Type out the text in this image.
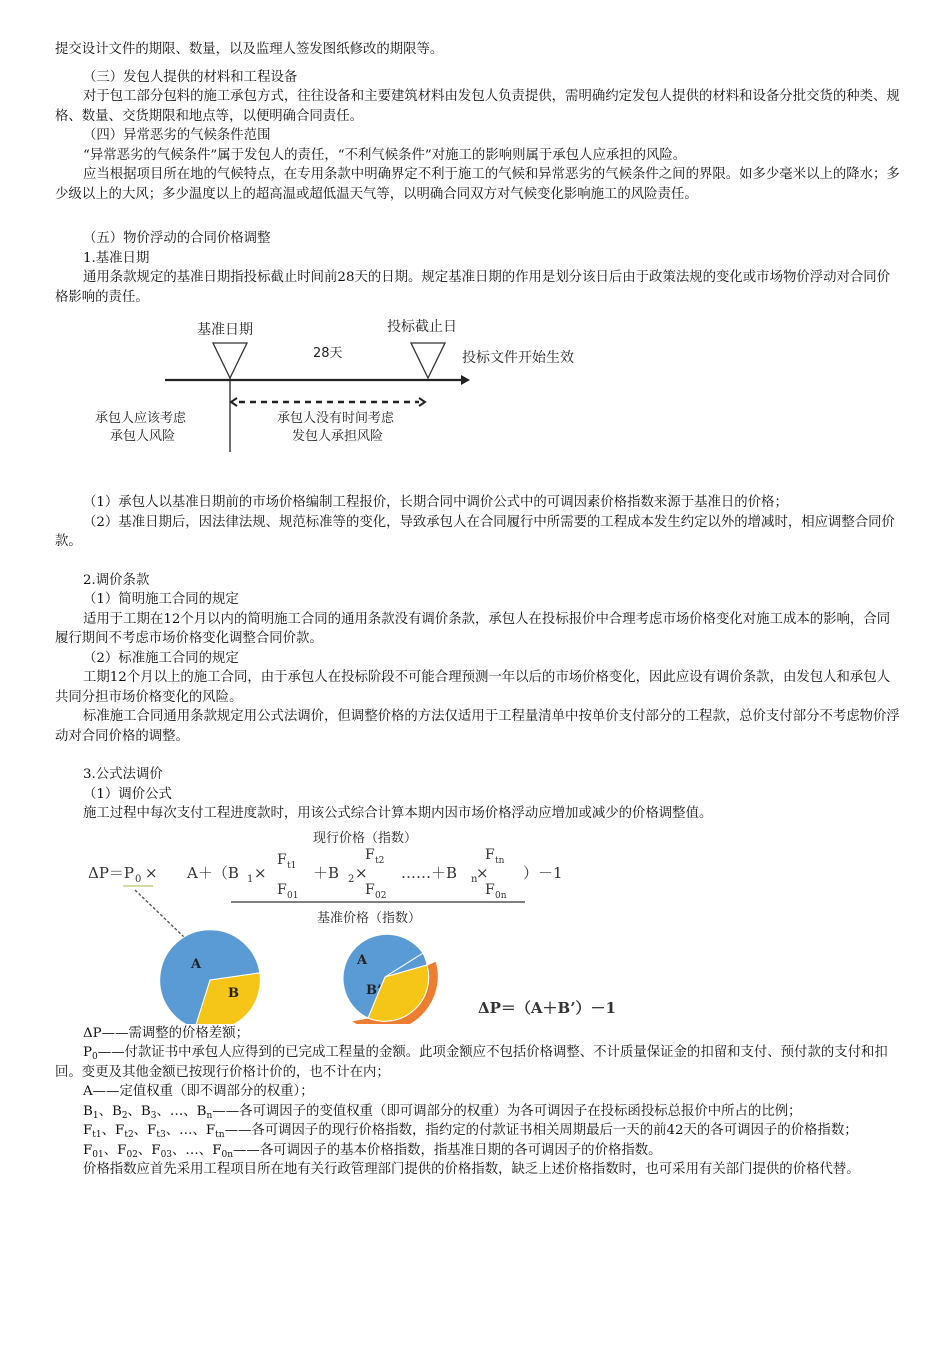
提交设计文件的期限、数量，以及监理人签发图纸修改的期限等。

（三）发包人提供的材料和工程设备

对于包工部分包料的施工承包方式，往往设备和主要建筑材料由发包人负责提供，需明确约定发包人提供的材料和设备分批交货的种类、规格、数量、交货期限和地点等，以便明确合同责任。

（四）异常恶劣的气候条件范围

“异常恶劣的气候条件”属于发包人的责任，“不利气候条件”对施工的影响则属于承包人应承担的风险。

应当根据项目所在地的气候特点，在专用条款中明确界定不利于施工的气候和异常恶劣的气候条件之间的界限。如多少毫米以上的降水；多少级以上的大风；多少温度以上的超高温或超低温天气等，以明确合同双方对气候变化影响施工的风险责任。

（五）物价浮动的合同价格调整

1.基准日期

通用条款规定的基准日期指投标截止时间前28天的日期。规定基准日期的作用是划分该日后由于政策法规的变化或市场物价浮动对合同价格影响的责任。

基准日期	投标截止日
28天	投标文件开始生效
承包人应该考虑
承包人风险
承包人没有时间考虑
发包人承担风险

（1）承包人以基准日期前的市场价格编制工程报价，长期合同中调价公式中的可调因素价格指数来源于基准日的价格；

（2）基准日期后，因法律法规、规范标准等的变化，导致承包人在合同履行中所需要的工程成本发生约定以外的增减时，相应调整合同价款。

2.调价条款

（1）简明施工合同的规定

适用于工期在12个月以内的简明施工合同的通用条款没有调价条款，承包人在投标报价中合理考虑市场价格变化对施工成本的影响，合同履行期间不考虑市场价格变化调整合同价款。

（2）标准施工合同的规定

工期12个月以上的施工合同，由于承包人在投标阶段不可能合理预测一年以后的市场价格变化，因此应设有调价条款，由发包人和承包人共同分担市场价格变化的风险。

标准施工合同通用条款规定用公式法调价，但调整价格的方法仅适用于工程量清单中按单价支付部分的工程款，总价支付部分不考虑物价浮动对合同价格的调整。

3.公式法调价

（1）调价公式

施工过程中每次支付工程进度款时，用该公式综合计算本期内因市场价格浮动应增加或减少的价格调整值。

现行价格（指数）
ΔP＝P 0 × A＋（B 1 ×
F t1
F 01
＋B 2 ×
F t2
F 02
……＋B n
×
F tn
F 0n
）－1
基准价格（指数）
A
B
A
B’
ΔP＝（A＋B’）－1

ΔP——需调整的价格差额；

$P_0——$付款证书中承包人应得到的已完成工程量的金额。此项金额应不包括价格调整、不计质量保证金的扣留和支付、预付款的支付和扣回。变更及其他金额已按现行价格计价的，也不计在内；

A——定值权重（即不调部分的权重）；

$B_1$、$B_2$、$B_3$、…、$B_n——$各可调因子的变值权重（即可调部分的权重）为各可调因子在投标函投标总报价中所占的比例；

$F_{t1}$、$F_{t2}$、$F_{t3}$、…、$F_{tn}——$各可调因子的现行价格指数，指约定的付款证书相关周期最后一天的前42天的各可调因子的价格指数；

$F_{01}$、$F_{02}$、$F_{03}$、…、$F_{0n}——$各可调因子的基本价格指数，指基准日期的各可调因子的价格指数。

价格指数应首先采用工程项目所在地有关行政管理部门提供的价格指数，缺乏上述价格指数时，也可采用有关部门提供的价格代替。
